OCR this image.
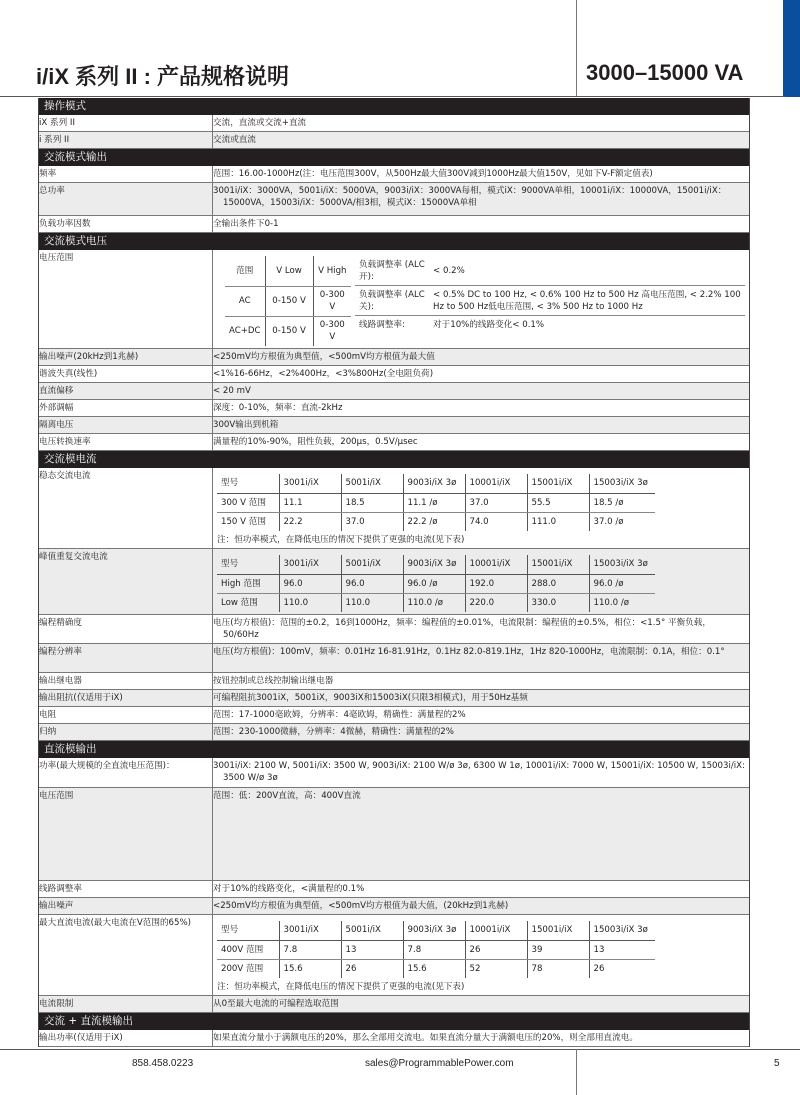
i/iX 系列 II : 产品规格说明	3000–15000 VA
操作模式
iX 系列 II	交流，直流或交流+直流
i 系列 II	交流或直流
交流模式输出
频率	范围：16.00-1000Hz(注：电压范围300V，从500Hz最大值300V减到1000Hz最大值150V，见如下V-F额定值表)
总功率	3001i/iX：3000VA，5001i/iX：5000VA，9003i/iX：3000VA每相，模式iX：9000VA单相，10001i/iX：10000VA，15001i/iX：15000VA，15003i/iX：5000VA/相3相，模式iX：15000VA单相
负载功率因数	全输出条件下0-1
交流模式电压
电压范围
范围	V Low	V High
AC	0-150 V	0-300 V
AC+DC	0-150 V	0-300 V
负载调整率 (ALC开):
< 0.2%
负载调整率 (ALC关):
< 0.5% DC to 100 Hz, < 0.6% 100 Hz to 500 Hz 高电压范围, < 2.2% 100 Hz to 500 Hz低电压范围, < 3% 500 Hz to 1000 Hz
线路调整率:	对于10%的线路变化< 0.1%
输出噪声(20kHz到1兆赫)	<250mV均方根值为典型值，<500mV均方根值为最大值
谐波失真(线性)	<1%16-66Hz，<2%400Hz，<3%800Hz(全电阻负荷)
直流偏移	< 20 mV
外部调幅	深度：0-10%，频率：直流-2kHz
隔离电压	300V输出到机箱
电压转换速率	满量程的10%-90%，阻性负载，200μs，0.5V/μsec
交流模电流
稳态交流电流
型号	3001i/iX	5001i/iX	9003i/iX 3ø	10001i/iX	15001i/iX	15003i/iX 3ø
300 V 范围	11.1	18.5	11.1 /ø	37.0	55.5	18.5 /ø
150 V 范围	22.2	37.0	22.2 /ø	74.0	111.0	37.0 /ø
注：恒功率模式，在降低电压的情况下提供了更强的电流(见下表)
峰值重复交流电流
型号	3001i/iX	5001i/iX	9003i/iX 3ø	10001i/iX	15001i/iX	15003i/iX 3ø
High 范围	96.0	96.0	96.0 /ø	192.0	288.0	96.0 /ø
Low 范围	110.0	110.0	110.0 /ø	220.0	330.0	110.0 /ø
编程精确度	电压(均方根值)：范围的±0.2，16到1000Hz，频率：编程值的±0.01%，电流限制：编程值的±0.5%，相位：<1.5° 平衡负载，50/60Hz
编程分辨率	电压(均方根值)：100mV，频率：0.01Hz 16-81.91Hz，0.1Hz 82.0-819.1Hz，1Hz 820-1000Hz，电流限制：0.1A，相位：0.1°
输出继电器	按钮控制或总线控制输出继电器
输出阻抗(仅适用于iX)	可编程阻抗3001iX，5001iX，9003iX和15003iX(只限3相模式)，用于50Hz基频
电阻	范围：17-1000毫欧姆，分辨率：4毫欧姆，精确性：满量程的2%
归纳	范围：230-1000微赫，分辨率：4微赫，精确性：满量程的2%
直流模输出
功率(最大规模的全直流电压范围)：	3001i/iX: 2100 W, 5001i/iX: 3500 W, 9003i/iX: 2100 W/ø 3ø, 6300 W 1ø, 10001i/iX: 7000 W, 15001i/iX: 10500 W, 15003i/iX: 3500 W/ø 3ø
电压范围	范围：低：200V直流，高：400V直流
线路调整率	对于10%的线路变化，<满量程的0.1%
输出噪声	<250mV均方根值为典型值，<500mV均方根值为最大值，(20kHz到1兆赫)
最大直流电流(最大电流在V范围的65%)
型号	3001i/iX	5001i/iX	9003i/iX 3ø	10001i/iX	15001i/iX	15003i/iX 3ø
400V 范围	7.8	13	7.8	26	39	13
200V 范围	15.6	26	15.6	52	78	26
注：恒功率模式，在降低电压的情况下提供了更强的电流(见下表)
电流限制	从0至最大电流的可编程选取范围
交流 + 直流模输出
输出功率(仅适用于iX)	如果直流分量小于满额电压的20%，那么全部用交流电。如果直流分量大于满额电压的20%，则全部用直流电。
858.458.0223	sales@ProgrammablePower.com	5
